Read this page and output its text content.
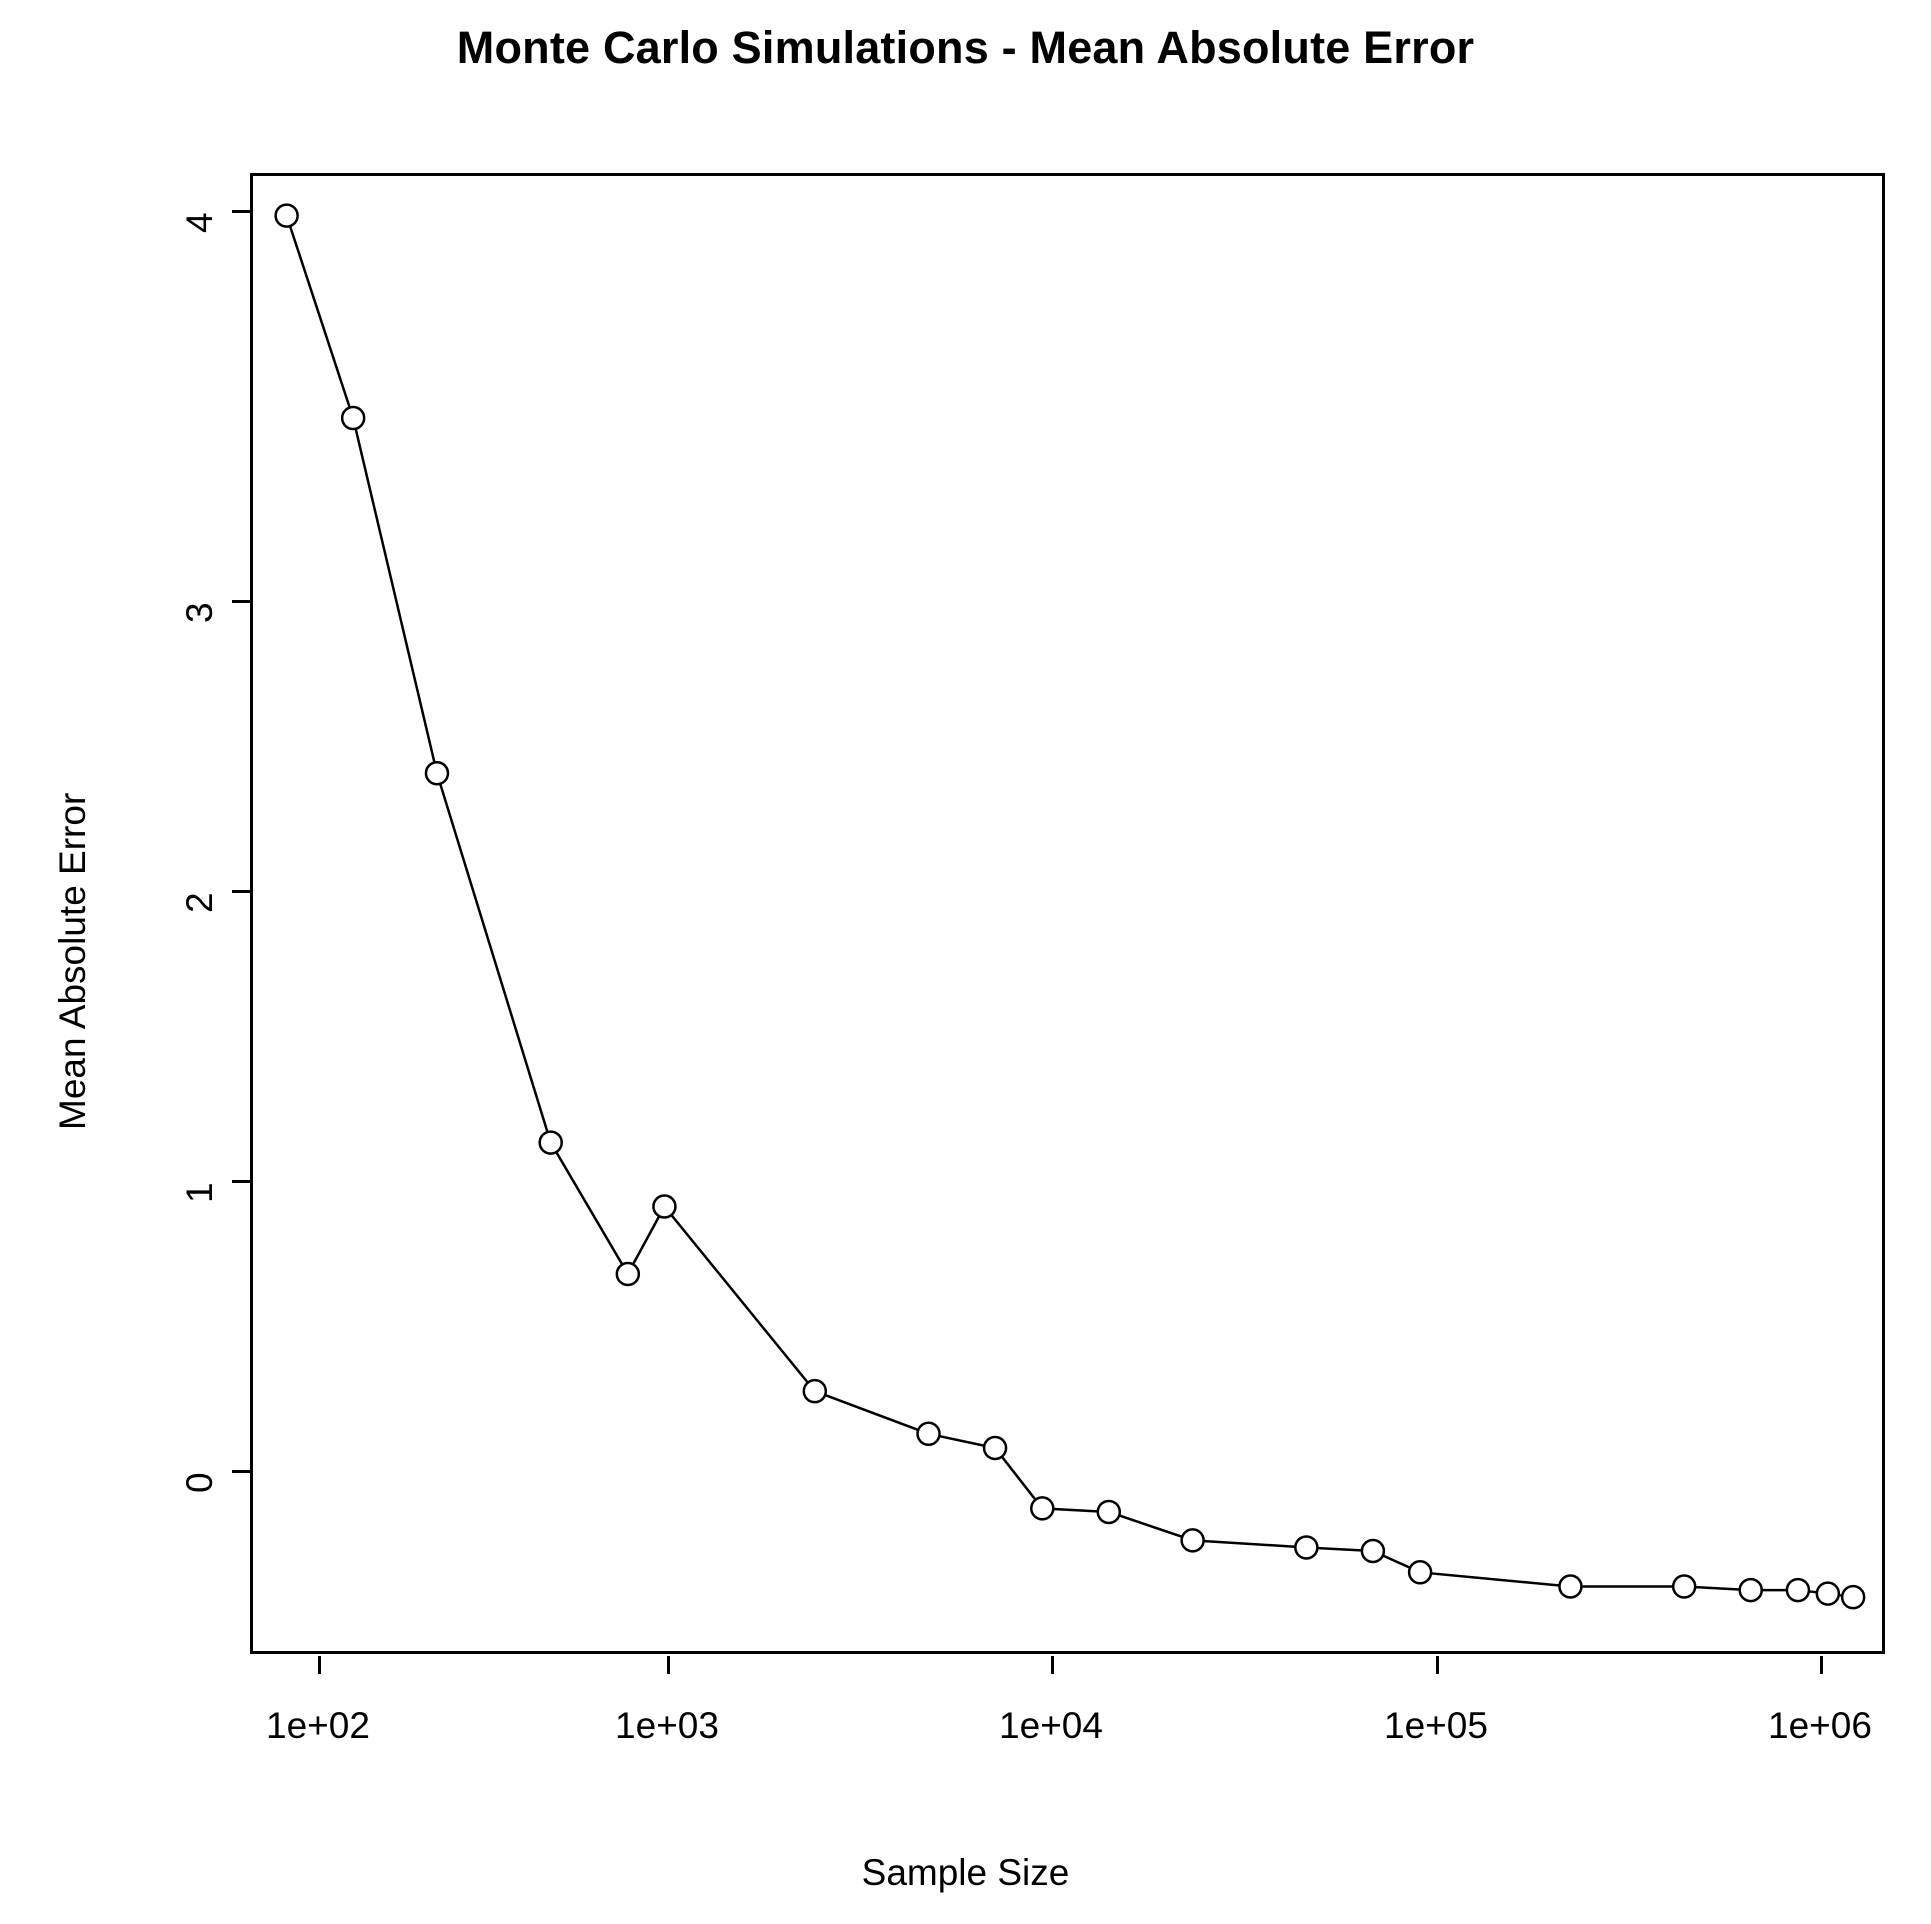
Monte Carlo Simulations - Mean Absolute Error
0
1
2
3
4
1e+02	1e+03	1e+04	1e+05	1e+06
Sample Size
Mean Absolute Error
